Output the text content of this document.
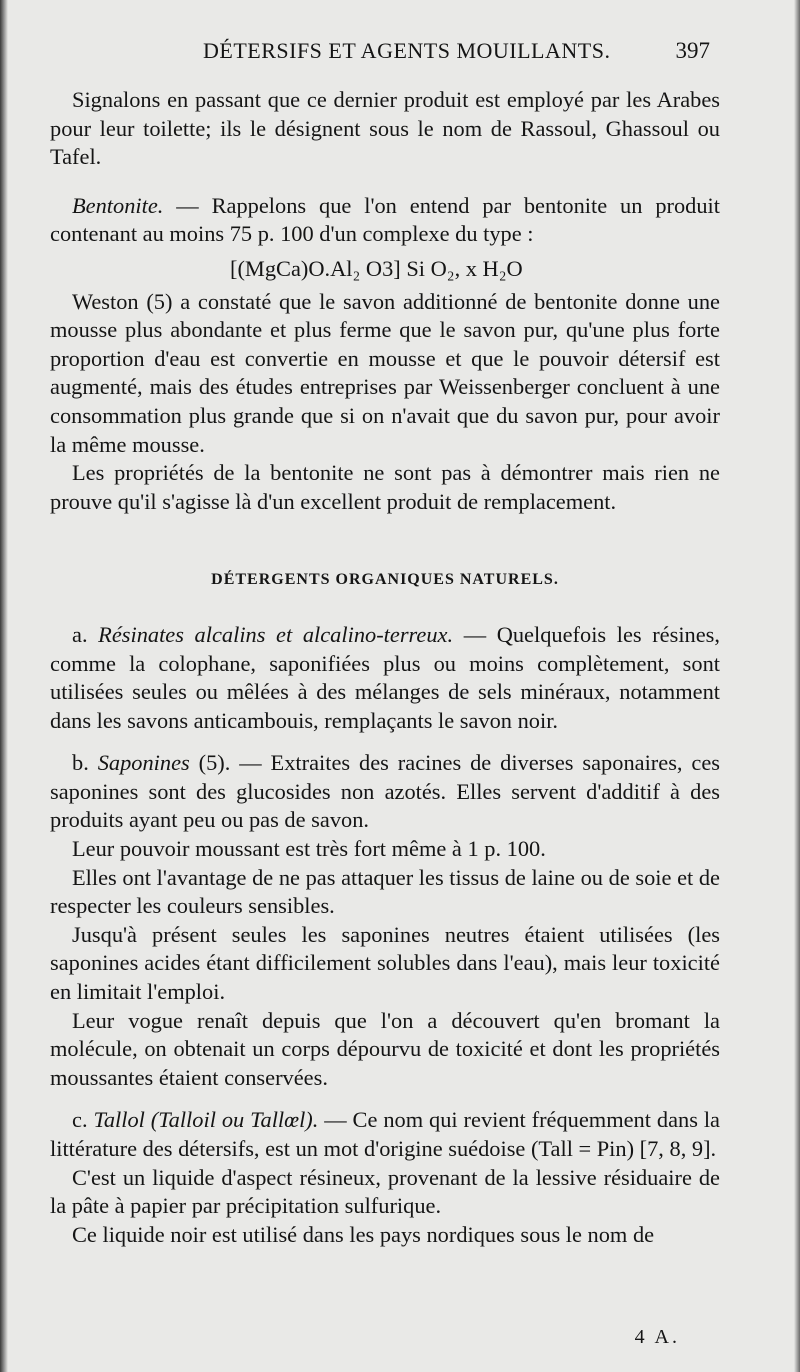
DÉTERSIFS ET AGENTS MOUILLANTS.	397

Signalons en passant que ce dernier produit est employé par les Arabes pour leur toilette; ils le désignent sous le nom de Rassoul, Ghassoul ou Tafel.

Bentonite. — Rappelons que l'on entend par bentonite un produit contenant au moins 75 p. 100 d'un complexe du type :

[(MgCa)O.Al₂ O3] Si O₂, x H₂O

Weston (5) a constaté que le savon additionné de bentonite donne une mousse plus abondante et plus ferme que le savon pur, qu'une plus forte proportion d'eau est convertie en mousse et que le pouvoir détersif est augmenté, mais des études entreprises par Weissenberger concluent à une consommation plus grande que si on n'avait que du savon pur, pour avoir la même mousse.

Les propriétés de la bentonite ne sont pas à démontrer mais rien ne prouve qu'il s'agisse là d'un excellent produit de remplacement.

DÉTERGENTS ORGANIQUES NATURELS.

a. Résinates alcalins et alcalino-terreux. — Quelquefois les résines, comme la colophane, saponifiées plus ou moins complètement, sont utilisées seules ou mêlées à des mélanges de sels minéraux, notamment dans les savons anticambouis, remplaçants le savon noir.

b. Saponines (5). — Extraites des racines de diverses saponaires, ces saponines sont des glucosides non azotés. Elles servent d'additif à des produits ayant peu ou pas de savon.

Leur pouvoir moussant est très fort même à 1 p. 100.

Elles ont l'avantage de ne pas attaquer les tissus de laine ou de soie et de respecter les couleurs sensibles.

Jusqu'à présent seules les saponines neutres étaient utilisées (les saponines acides étant difficilement solubles dans l'eau), mais leur toxicité en limitait l'emploi.

Leur vogue renaît depuis que l'on a découvert qu'en bromant la molécule, on obtenait un corps dépourvu de toxicité et dont les propriétés moussantes étaient conservées.

c. Tallol (Talloil ou Tallœl). — Ce nom qui revient fréquemment dans la littérature des détersifs, est un mot d'origine suédoise (Tall = Pin) [7, 8, 9].

C'est un liquide d'aspect résineux, provenant de la lessive résiduaire de la pâte à papier par précipitation sulfurique.

Ce liquide noir est utilisé dans les pays nordiques sous le nom de

4 A.
